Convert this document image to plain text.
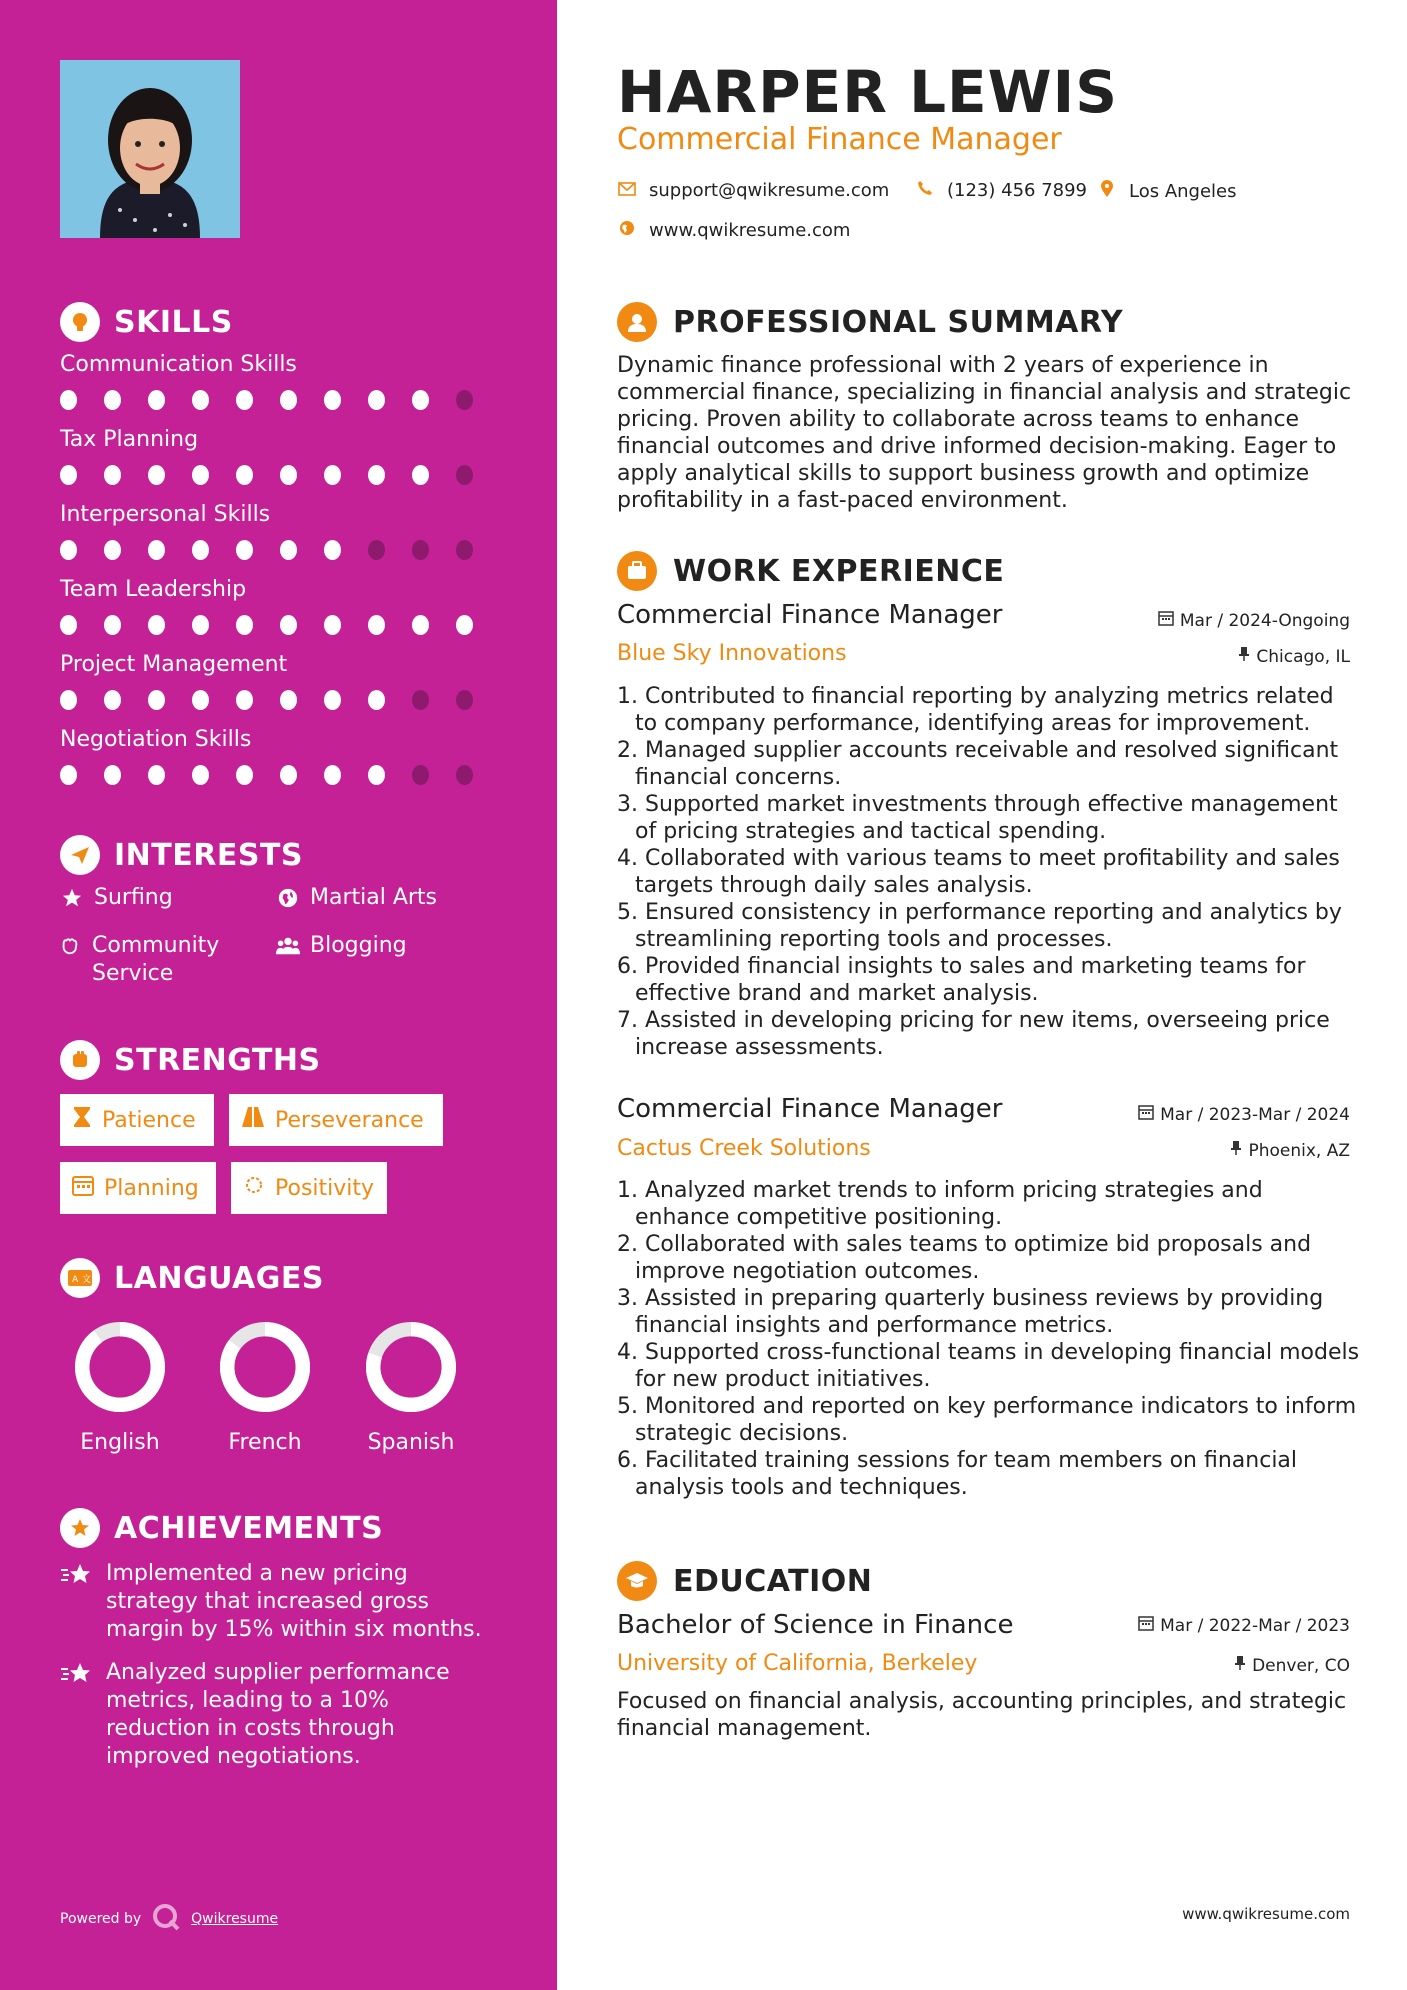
SKILLS
Communication Skills
Tax Planning
Interpersonal Skills
Team Leadership
Project Management
Negotiation Skills
INTERESTS
Surfing	Martial Arts
Community Service
Blogging
STRENGTHS
Patience	Perseverance
Planning	Positivity
A 文 LANGUAGES
English	French	Spanish
ACHIEVEMENTS
Implemented a new pricing strategy that increased gross margin by 15% within six months.
Analyzed supplier performance metrics, leading to a 10% reduction in costs through improved negotiations.
Powered by	Qwikresume
HARPER LEWIS
Commercial Finance Manager
support@qwikresume.com	(123) 456 7899 Los Angeles
www.qwikresume.com
PROFESSIONAL SUMMARY
Dynamic finance professional with 2 years of experience in commercial finance, specializing in financial analysis and strategic pricing. Proven ability to collaborate across teams to enhance financial outcomes and drive informed decision-making. Eager to apply analytical skills to support business growth and optimize profitability in a fast-paced environment.
WORK EXPERIENCE
Commercial Finance Manager	Mar / 2024-Ongoing
Blue Sky Innovations	Chicago, IL
Contributed to financial reporting by analyzing metrics related to company performance, identifying areas for improvement.
Managed supplier accounts receivable and resolved significant financial concerns.
Supported market investments through effective management of pricing strategies and tactical spending.
Collaborated with various teams to meet profitability and sales targets through daily sales analysis.
Ensured consistency in performance reporting and analytics by streamlining reporting tools and processes.
Provided financial insights to sales and marketing teams for effective brand and market analysis.
Assisted in developing pricing for new items, overseeing price increase assessments.
Commercial Finance Manager	Mar / 2023-Mar / 2024
Cactus Creek Solutions	Phoenix, AZ
Analyzed market trends to inform pricing strategies and enhance competitive positioning.
Collaborated with sales teams to optimize bid proposals and improve negotiation outcomes.
Assisted in preparing quarterly business reviews by providing financial insights and performance metrics.
Supported cross-functional teams in developing financial models for new product initiatives.
Monitored and reported on key performance indicators to inform strategic decisions.
Facilitated training sessions for team members on financial analysis tools and techniques.
EDUCATION
Bachelor of Science in Finance	Mar / 2022-Mar / 2023
University of California, Berkeley	Denver, CO
Focused on financial analysis, accounting principles, and strategic financial management.
www.qwikresume.com
